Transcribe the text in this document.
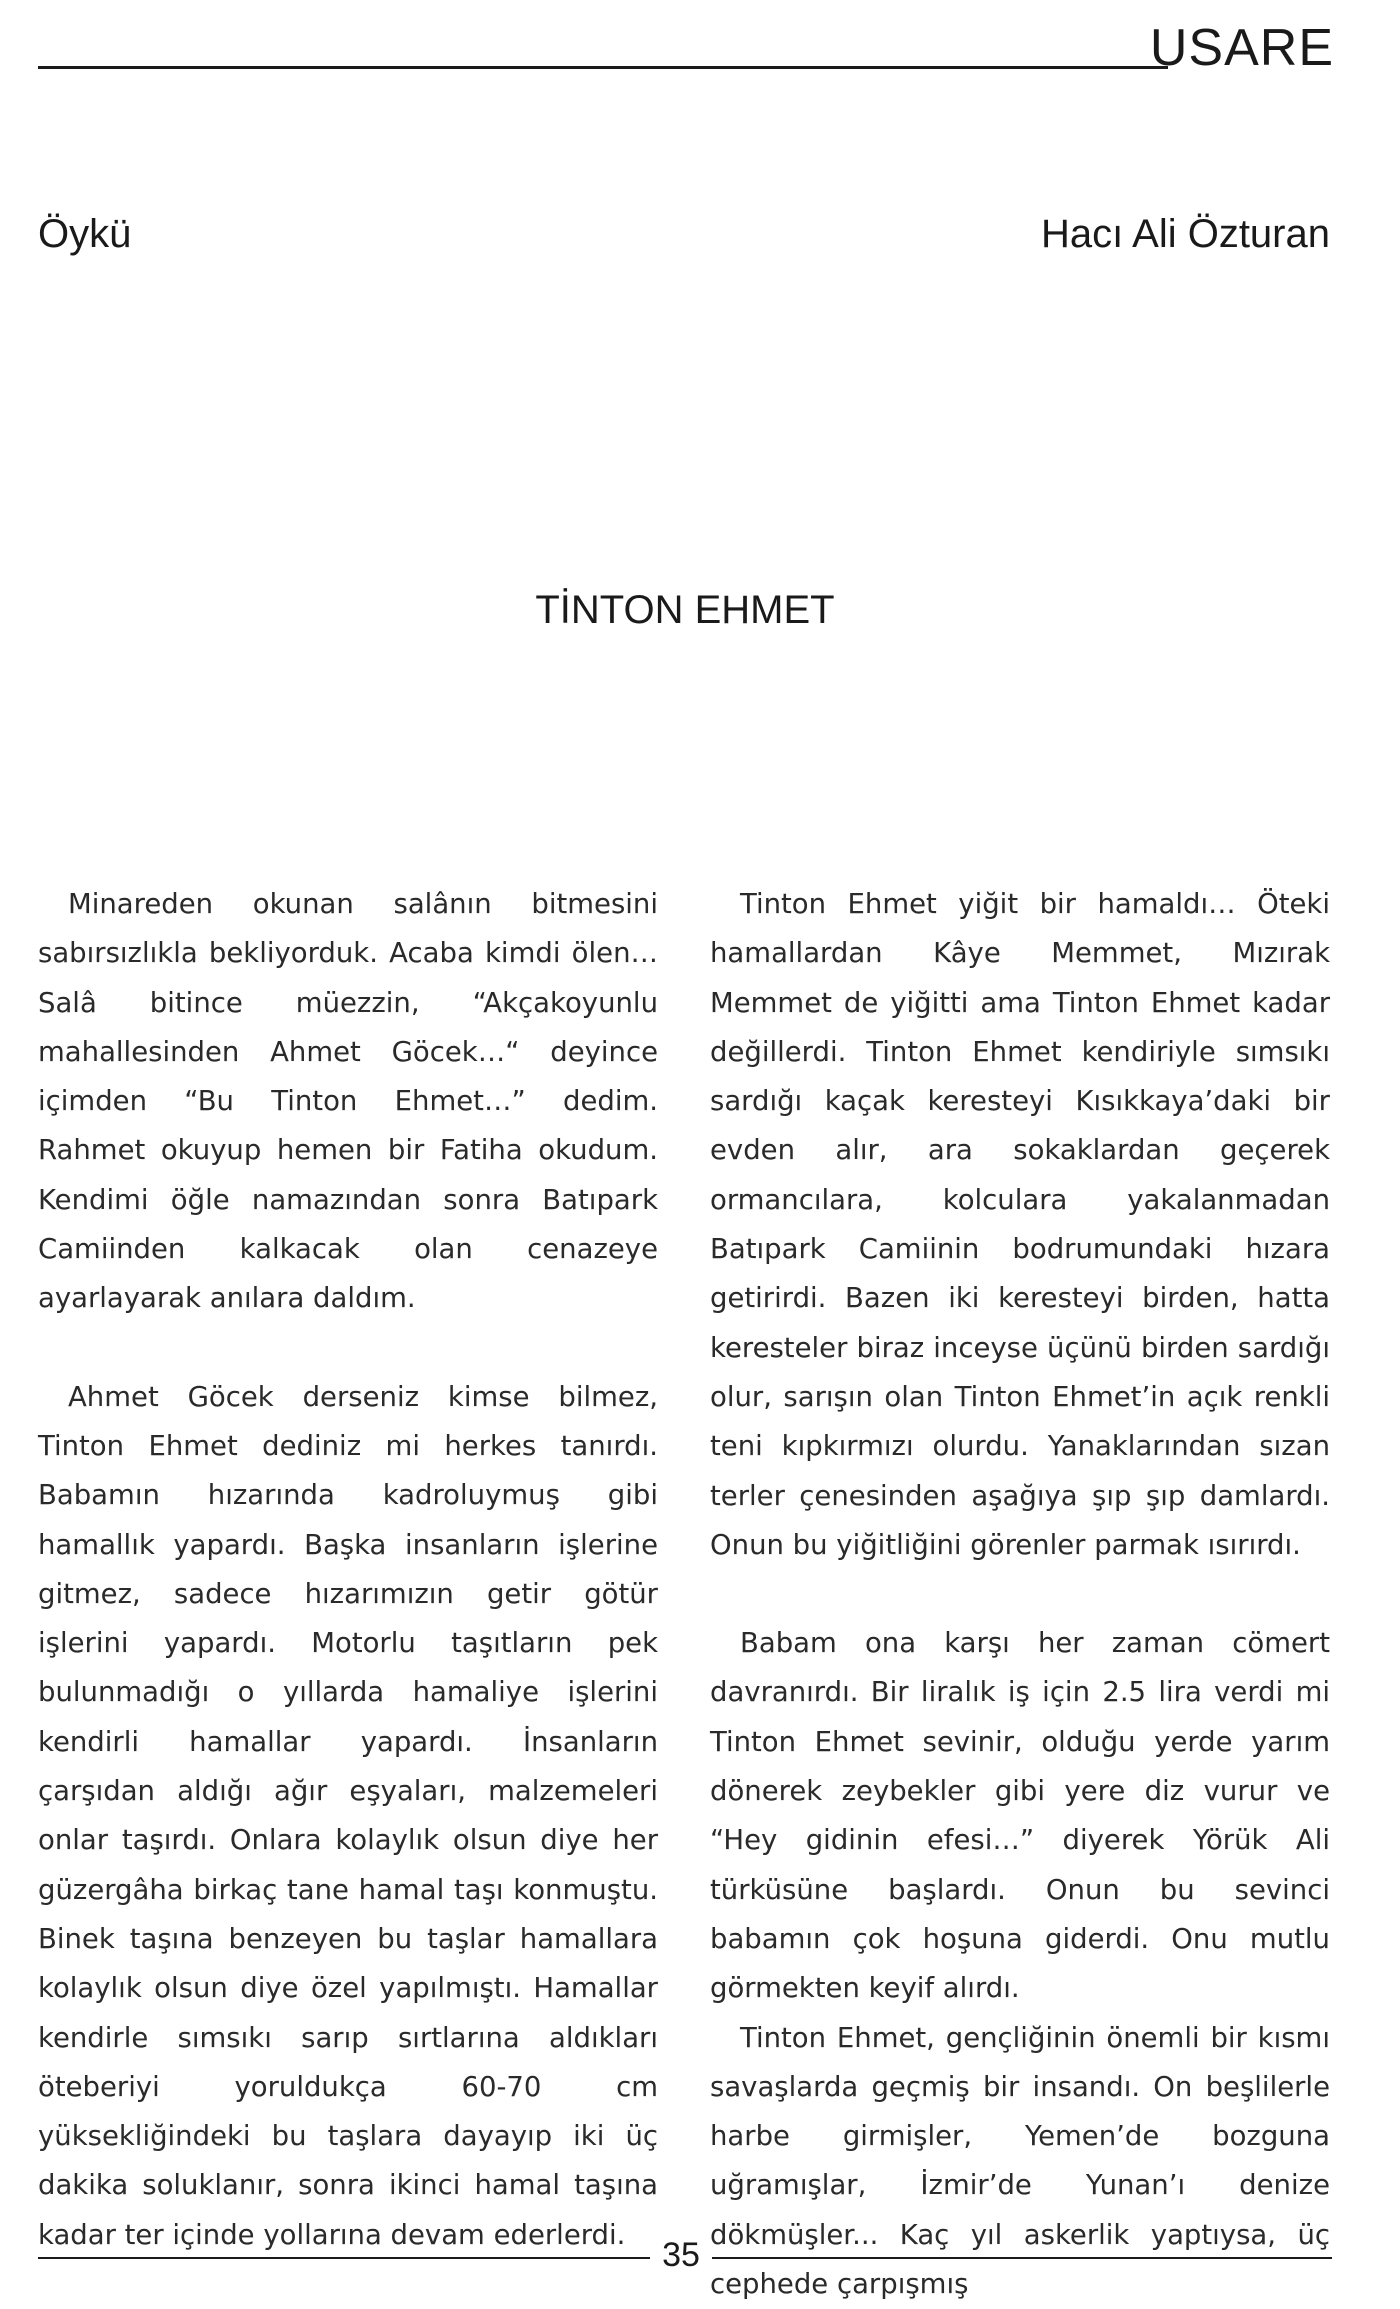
USARE
Öykü	Hacı Ali Özturan
TİNTON EHMET

Minareden okunan salânın bitmesini sabırsızlıkla bekliyorduk. Acaba kimdi ölen… Salâ bitince müezzin, “Akçakoyunlu mahallesinden Ahmet Göcek…“ deyince içimden “Bu Tinton Ehmet…” dedim. Rahmet okuyup hemen bir Fatiha okudum. Kendimi öğle namazından sonra Batıpark Camiinden kalkacak olan cenazeye ayarlayarak anılara daldım.

Ahmet Göcek derseniz kimse bilmez, Tinton Ehmet dediniz mi herkes tanırdı. Babamın hızarında kadroluymuş gibi hamallık yapardı. Başka insanların işlerine gitmez, sadece hızarımızın getir götür işlerini yapardı. Motorlu taşıtların pek bulunmadığı o yıllarda hamaliye işlerini kendirli hamallar yapardı. İnsanların çarşıdan aldığı ağır eşyaları, malzemeleri onlar taşırdı. Onlara kolaylık olsun diye her güzergâha birkaç tane hamal taşı konmuştu. Binek taşına benzeyen bu taşlar hamallara kolaylık olsun diye özel yapılmıştı. Hamallar kendirle sımsıkı sarıp sırtlarına aldıkları öteberiyi yoruldukça 60-70 cm yüksekliğindeki bu taşlara dayayıp iki üç dakika soluklanır, sonra ikinci hamal taşına kadar ter içinde yollarına devam ederlerdi.

Tinton Ehmet yiğit bir hamaldı… Öteki hamallardan Kâye Memmet, Mızırak Memmet de yiğitti ama Tinton Ehmet kadar değillerdi. Tinton Ehmet kendiriyle sımsıkı sardığı kaçak keresteyi Kısıkkaya’daki bir evden alır, ara sokaklardan geçerek ormancılara, kolculara yakalanmadan Batıpark Camiinin bodrumundaki hızara getirirdi. Bazen iki keresteyi birden, hatta keresteler biraz inceyse üçünü birden sardığı olur, sarışın olan Tinton Ehmet’in açık renkli teni kıpkırmızı olurdu. Yanaklarından sızan terler çenesinden aşağıya şıp şıp damlardı. Onun bu yiğitliğini görenler parmak ısırırdı.

Babam ona karşı her zaman cömert davranırdı. Bir liralık iş için 2.5 lira verdi mi Tinton Ehmet sevinir, olduğu yerde yarım dönerek zeybekler gibi yere diz vurur ve “Hey gidinin efesi…” diyerek Yörük Ali türküsüne başlardı. Onun bu sevinci babamın çok hoşuna giderdi. Onu mutlu görmekten keyif alırdı.

Tinton Ehmet, gençliğinin önemli bir kısmı savaşlarda geçmiş bir insandı. On beşlilerle harbe girmişler, Yemen’de bozguna uğramışlar, İzmir’de Yunan’ı denize dökmüşler... Kaç yıl askerlik yaptıysa, üç cephede çarpışmış

35
